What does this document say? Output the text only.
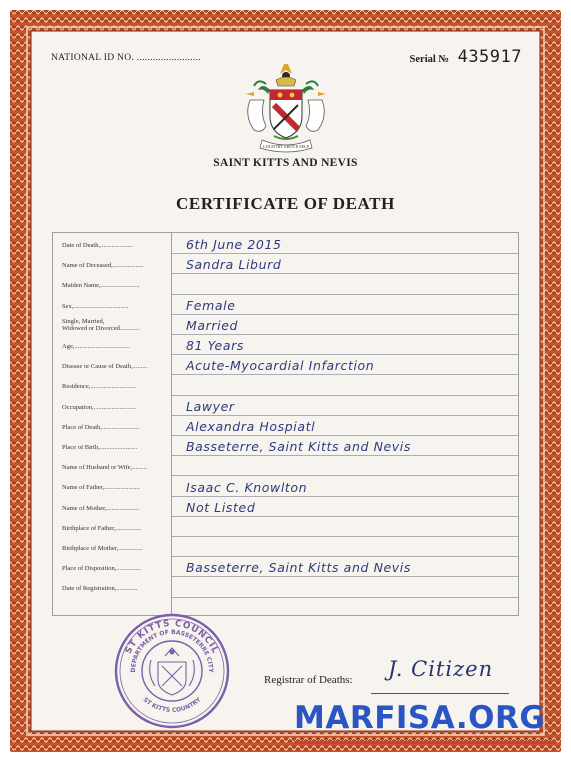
NATIONAL ID NO. ........................	Serial № 435917
COUNTRY ABOVE SELF
SAINT KITTS AND NEVIS
CERTIFICATE OF DEATH
Date of Death,....................	6th June 2015
Name of Deceased,...................	Sandra Liburd
Maiden Name,........................
Sex,..................................	Female
Single, Married,
Widowed or Divorced............	Married
Age,..................................	81 Years
Disease or Cause of Death,.........	Acute-Myocardial Infarction
Residence,............................
Occupation,..........................	Lawyer
Place of Death,.......................	Alexandra Hospiatl
Place of Birth,.......................	Basseterre, Saint Kitts and Nevis
Name of Husband or Wife,.........
Name of Father,......................	Isaac C. Knowlton
Name of Mother,....................	Not Listed
Birthplace of Father,................
Birthplace of Mother,...............
Place of Disposition,...............	Basseterre, Saint Kitts and Nevis
Date of Registration,.............
ST KITTS COUNCIL
DEPARTMENT OF BASSETERRE CITY
ST KITTS COUNTRY
Registrar of Deaths: J. Citizen
MARFISA.ORG
